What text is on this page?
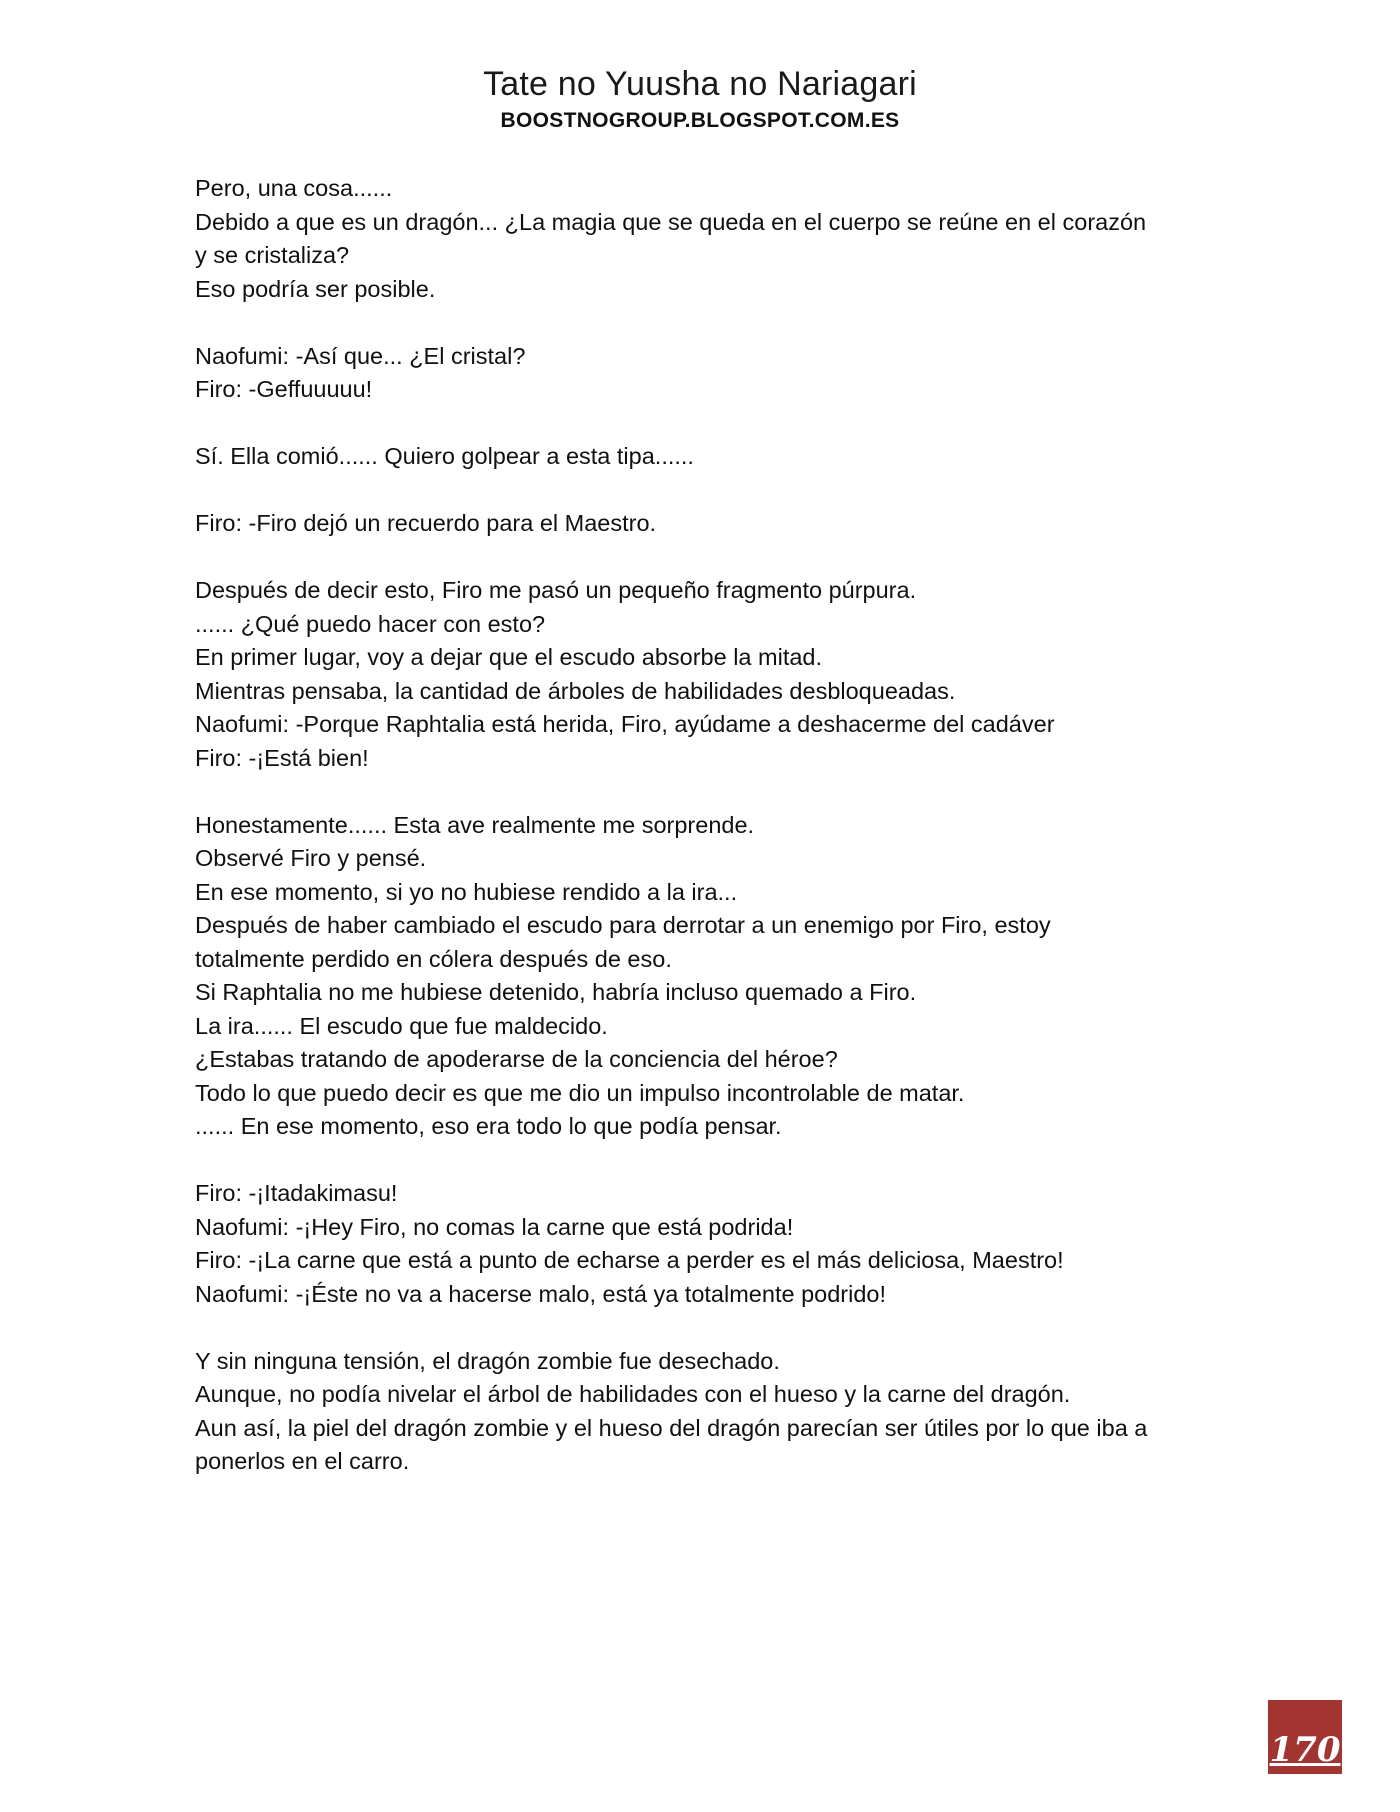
Tate no Yuusha no Nariagari
BOOSTNOGROUP.BLOGSPOT.COM.ES
Pero, una cosa......
Debido a que es un dragón... ¿La magia que se queda en el cuerpo se reúne en el corazón
y se cristaliza?
Eso podría ser posible.
Naofumi: -Así que... ¿El cristal?
Firo: -Geffuuuuu!
Sí. Ella comió...... Quiero golpear a esta tipa......
Firo: -Firo dejó un recuerdo para el Maestro.
Después de decir esto, Firo me pasó un pequeño fragmento púrpura.
...... ¿Qué puedo hacer con esto?
En primer lugar, voy a dejar que el escudo absorbe la mitad.
Mientras pensaba, la cantidad de árboles de habilidades desbloqueadas.
Naofumi: -Porque Raphtalia está herida, Firo, ayúdame a deshacerme del cadáver
Firo: -¡Está bien!
Honestamente...... Esta ave realmente me sorprende.
Observé Firo y pensé.
En ese momento, si yo no hubiese rendido a la ira...
Después de haber cambiado el escudo para derrotar a un enemigo por Firo, estoy
totalmente perdido en cólera después de eso.
Si Raphtalia no me hubiese detenido, habría incluso quemado a Firo.
La ira...... El escudo que fue maldecido.
¿Estabas tratando de apoderarse de la conciencia del héroe?
Todo lo que puedo decir es que me dio un impulso incontrolable de matar.
...... En ese momento, eso era todo lo que podía pensar.
Firo: -¡Itadakimasu!
Naofumi: -¡Hey Firo, no comas la carne que está podrida!
Firo: -¡La carne que está a punto de echarse a perder es el más deliciosa, Maestro!
Naofumi: -¡Éste no va a hacerse malo, está ya totalmente podrido!
Y sin ninguna tensión, el dragón zombie fue desechado.
Aunque, no podía nivelar el árbol de habilidades con el hueso y la carne del dragón.
Aun así, la piel del dragón zombie y el hueso del dragón parecían ser útiles por lo que iba a
ponerlos en el carro.
170
